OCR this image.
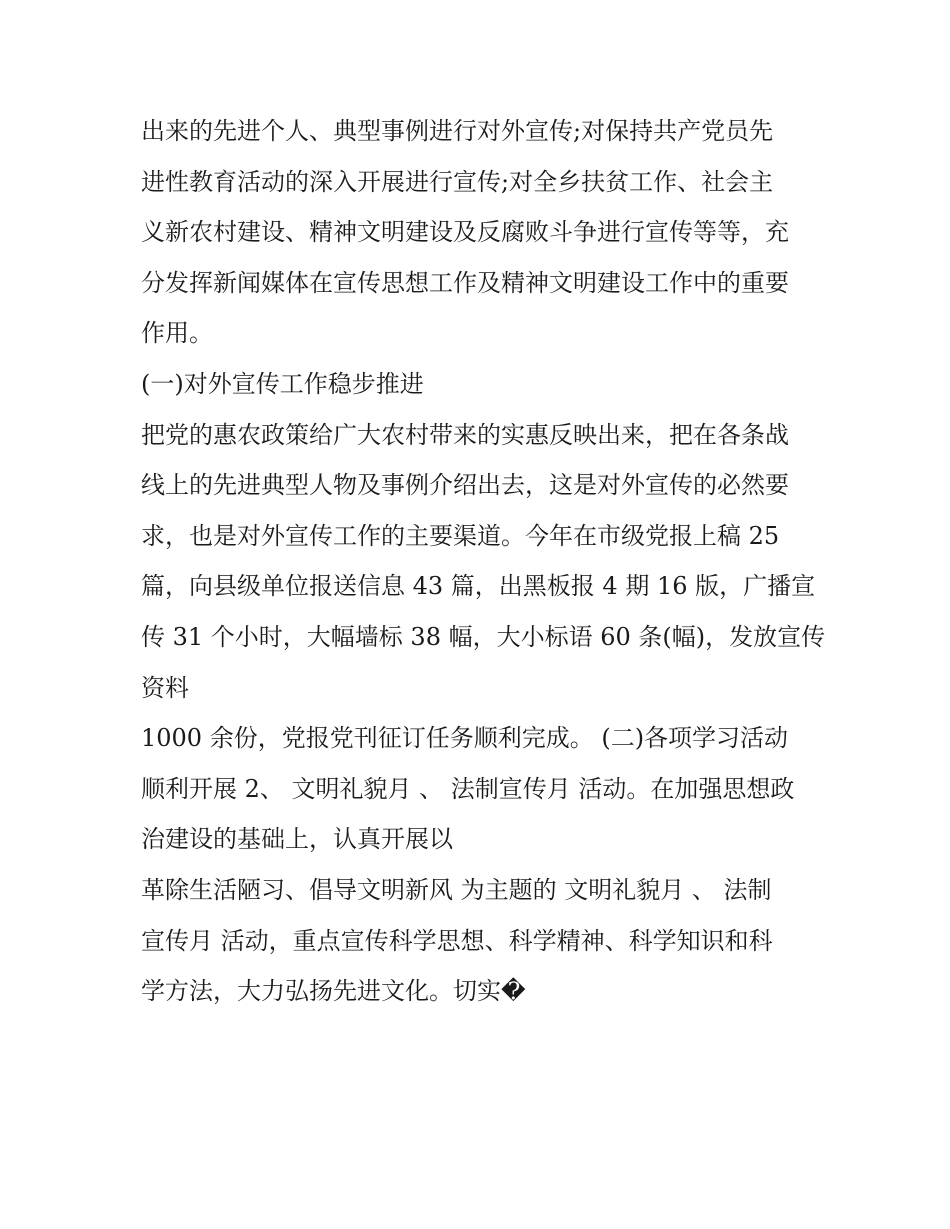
出来的先进个人、典型事例进行对外宣传;对保持共产党员先
进性教育活动的深入开展进行宣传;对全乡扶贫工作、社会主
义新农村建设、精神文明建设及反腐败斗争进行宣传等等，充
分发挥新闻媒体在宣传思想工作及精神文明建设工作中的重要
作用。
(一)对外宣传工作稳步推进
把党的惠农政策给广大农村带来的实惠反映出来，把在各条战
线上的先进典型人物及事例介绍出去，这是对外宣传的必然要
求，也是对外宣传工作的主要渠道。今年在市级党报上稿 25
篇，向县级单位报送信息 43 篇，出黑板报 4 期 16 版，广播宣
传 31 个小时，大幅墙标 38 幅，大小标语 60 条(幅)，发放宣传
资料
1000 余份，党报党刊征订任务顺利完成。 (二)各项学习活动
顺利开展 2、 文明礼貌月 、 法制宣传月 活动。在加强思想政
治建设的基础上，认真开展以
革除生活陋习、倡导文明新风 为主题的 文明礼貌月 、 法制
宣传月 活动，重点宣传科学思想、科学精神、科学知识和科
学方法，大力弘扬先进文化。切实�
